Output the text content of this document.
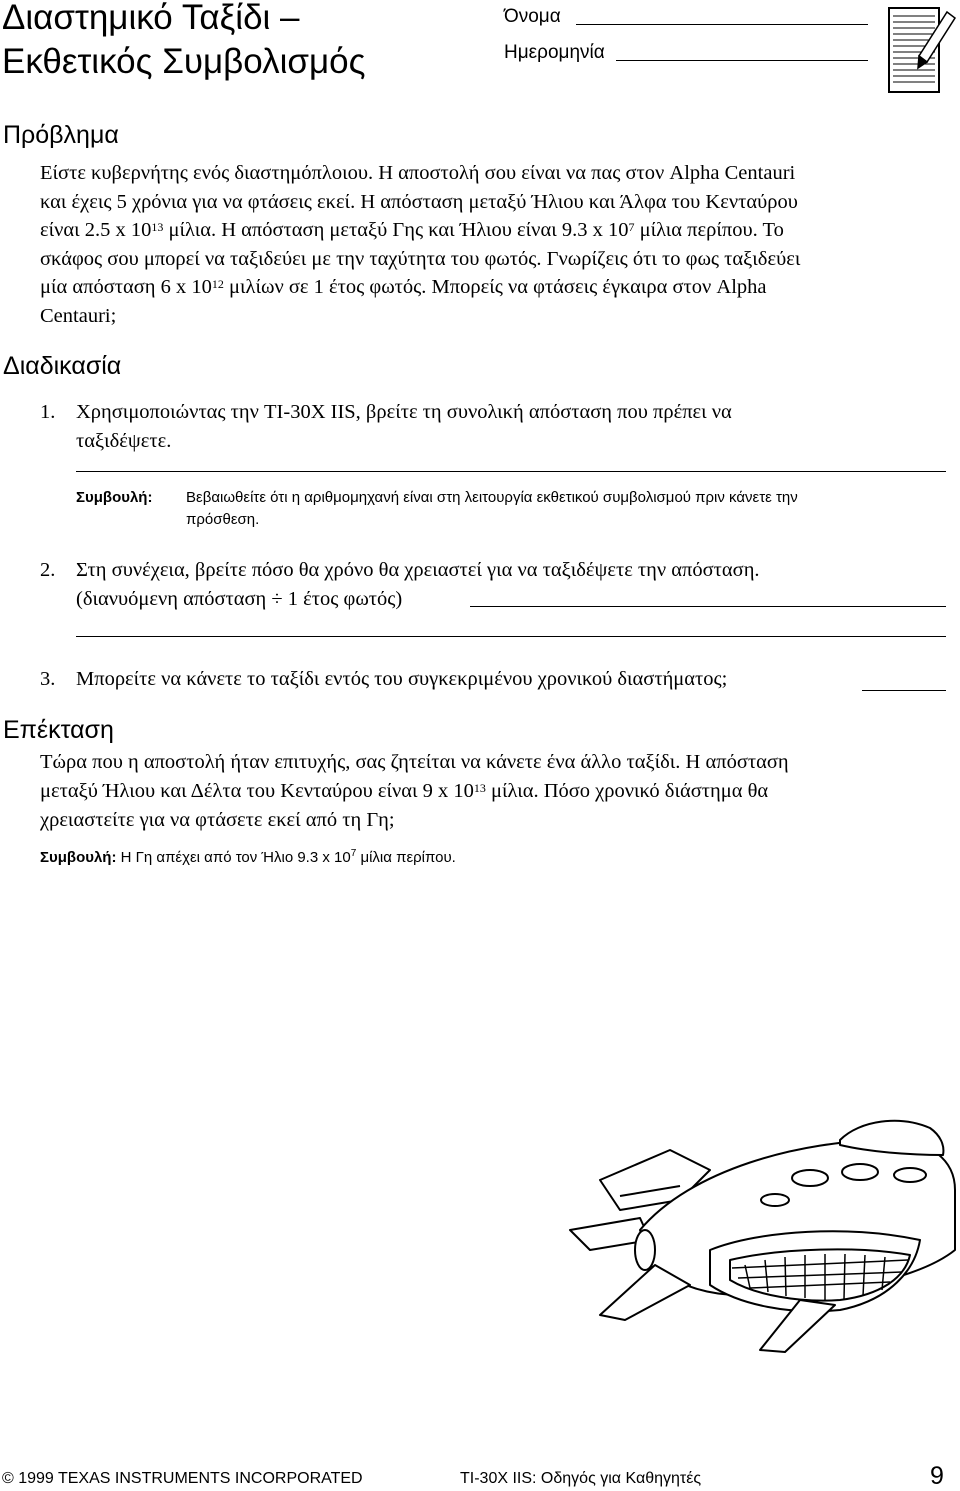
Διαστημικό Ταξίδι –
Εκθετικός Συμβολισμός
Όνομα
Ημερομηνία
Πρόβλημα
Είστε κυβερνήτης ενός διαστημόπλοιου. Η αποστολή σου είναι να πας στον Alpha Centauri
και έχεις 5 χρόνια για να φτάσεις εκεί. Η απόσταση μεταξύ Ήλιου και Άλφα του Κενταύρου
είναι 2.5 x $10^{13}$ μίλια. Η απόσταση μεταξύ Γης και Ήλιου είναι 9.3 x $10^7$ μίλια περίπου. Το
σκάφος σου μπορεί να ταξιδεύει με την ταχύτητα του φωτός. Γνωρίζεις ότι το φως ταξιδεύει
μία απόσταση 6 x $10^{12}$ μιλίων σε 1 έτος φωτός. Μπορείς να φτάσεις έγκαιρα στον Alpha
Centauri;
Διαδικασία
1. Χρησιμοποιώντας την TI-30X IIS, βρείτε τη συνολική απόσταση που πρέπει να
ταξιδέψετε.
Συμβουλή: Βεβαιωθείτε ότι η αριθμομηχανή είναι στη λειτουργία εκθετικού συμβολισμού πριν κάνετε την
πρόσθεση.
2. Στη συνέχεια, βρείτε πόσο θα χρόνο θα χρειαστεί για να ταξιδέψετε την απόσταση.
(διανυόμενη απόσταση ÷ 1 έτος φωτός)
3. Μπορείτε να κάνετε το ταξίδι εντός του συγκεκριμένου χρονικού διαστήματος;
Επέκταση
Τώρα που η αποστολή ήταν επιτυχής, σας ζητείται να κάνετε ένα άλλο ταξίδι. Η απόσταση
μεταξύ Ήλιου και Δέλτα του Κενταύρου είναι 9 x $10^{13}$ μίλια. Πόσο χρονικό διάστημα θα
χρειαστείτε για να φτάσετε εκεί από τη Γη;
Συμβουλή: Η Γη απέχει από τον Ήλιο 9.3 x $10^7$ μίλια περίπου.
© 1999 TEXAS INSTRUMENTS INCORPORATED	TI-30X IIS: Οδηγός για Καθηγητές	9
